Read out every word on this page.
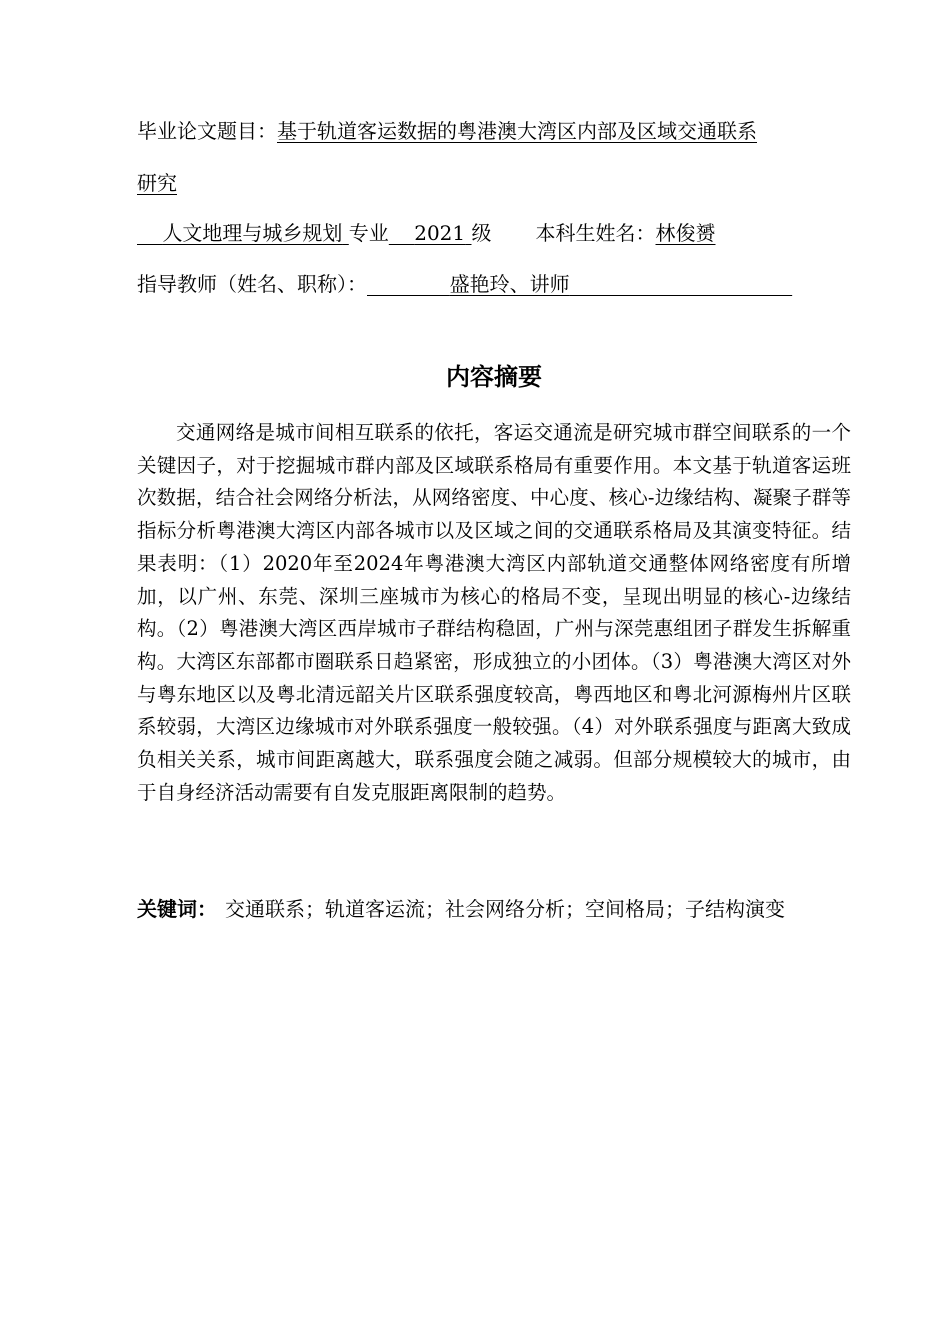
毕业论文题目：基于轨道客运数据的粤港澳大湾区内部及区域交通联系
研究
人文地理与城乡规划 专业 2021 级 本科生姓名：林俊赟
指导教师（姓名、职称）：	盛艳玲、讲师
内容摘要

交通网络是城市间相互联系的依托，客运交通流是研究城市群空间联系的一个关键因子，对于挖掘城市群内部及区域联系格局有重要作用。本文基于轨道客运班次数据，结合社会网络分析法，从网络密度、中心度、核心-边缘结构、凝聚子群等指标分析粤港澳大湾区内部各城市以及区域之间的交通联系格局及其演变特征。结果表明：（1）2020年至2024年粤港澳大湾区内部轨道交通整体网络密度有所增加，以广州、东莞、深圳三座城市为核心的格局不变，呈现出明显的核心-边缘结构。（2）粤港澳大湾区西岸城市子群结构稳固，广州与深莞惠组团子群发生拆解重构。大湾区东部都市圈联系日趋紧密，形成独立的小团体。（3）粤港澳大湾区对外与粤东地区以及粤北清远韶关片区联系强度较高，粤西地区和粤北河源梅州片区联系较弱，大湾区边缘城市对外联系强度一般较强。（4）对外联系强度与距离大致成负相关关系，城市间距离越大，联系强度会随之减弱。但部分规模较大的城市，由于自身经济活动需要有自发克服距离限制的趋势。

关键词： 交通联系；轨道客运流；社会网络分析；空间格局；子结构演变
